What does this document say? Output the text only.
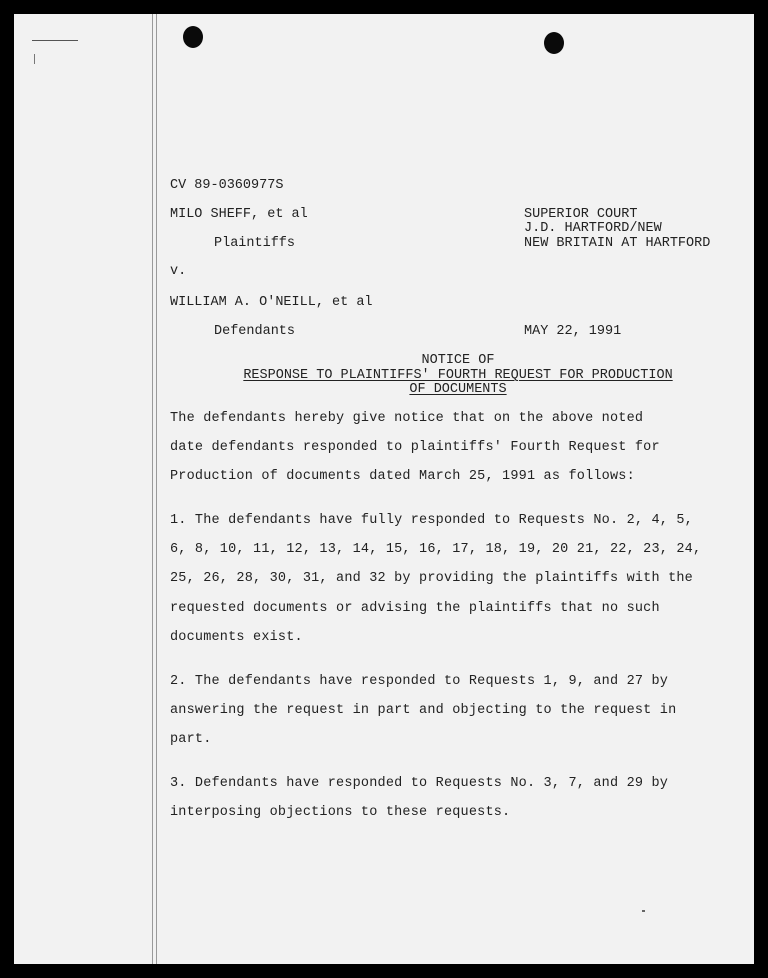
CV 89-0360977S
MILO SHEFF, et al
Plaintiffs
v.
WILLIAM A. O'NEILL, et al
Defendants
SUPERIOR COURT
J.D. HARTFORD/NEW
NEW BRITAIN AT HARTFORD
MAY 22, 1991
NOTICE OF
RESPONSE TO PLAINTIFFS' FOURTH REQUEST FOR PRODUCTION
OF DOCUMENTS
The defendants hereby give notice that on the above noted
date defendants responded to plaintiffs' Fourth Request for
Production of documents dated March 25, 1991 as follows:
1. The defendants have fully responded to Requests No. 2, 4, 5,
6, 8, 10, 11, 12, 13, 14, 15, 16, 17, 18, 19, 20 21, 22, 23, 24,
25, 26, 28, 30, 31, and 32 by providing the plaintiffs with the
requested documents or advising the plaintiffs that no such
documents exist.
2. The defendants have responded to Requests 1, 9, and 27 by
answering the request in part and objecting to the request in
part.
3. Defendants have responded to Requests No. 3, 7, and 29 by
interposing objections to these requests.
